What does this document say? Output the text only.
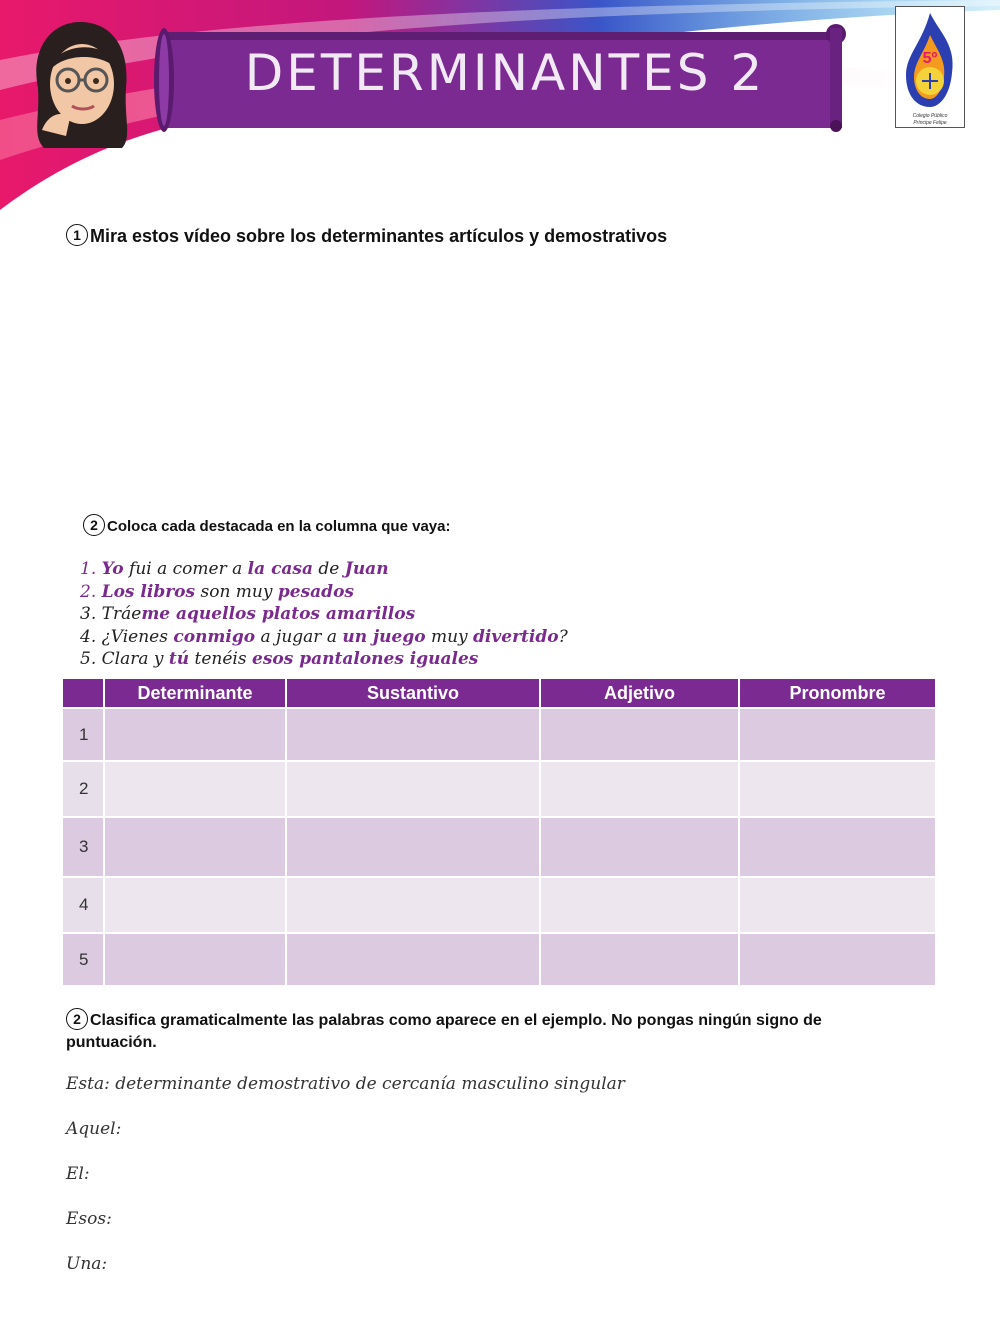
DETERMINANTES 2	5º
Colegio Público
Príncipe Felipe
1 Mira estos vídeo sobre los determinantes artículos y demostrativos
2 Coloca cada destacada en la columna que vaya:
1. Yo fui a comer a la casa de Juan
2. Los libros son muy pesados
3. Tráeme aquellos platos amarillos
4. ¿Vienes conmigo a jugar a un juego muy divertido?
5. Clara y tú tenéis esos pantalones iguales
	Determinante	Sustantivo	Adjetivo	Pronombre
1				
2				
3				
4				
5				
2 Clasifica gramaticalmente las palabras como aparece en el ejemplo. No pongas ningún signo de puntuación.
Esta: determinante demostrativo de cercanía masculino singular
Aquel:
El:
Esos:
Una:
